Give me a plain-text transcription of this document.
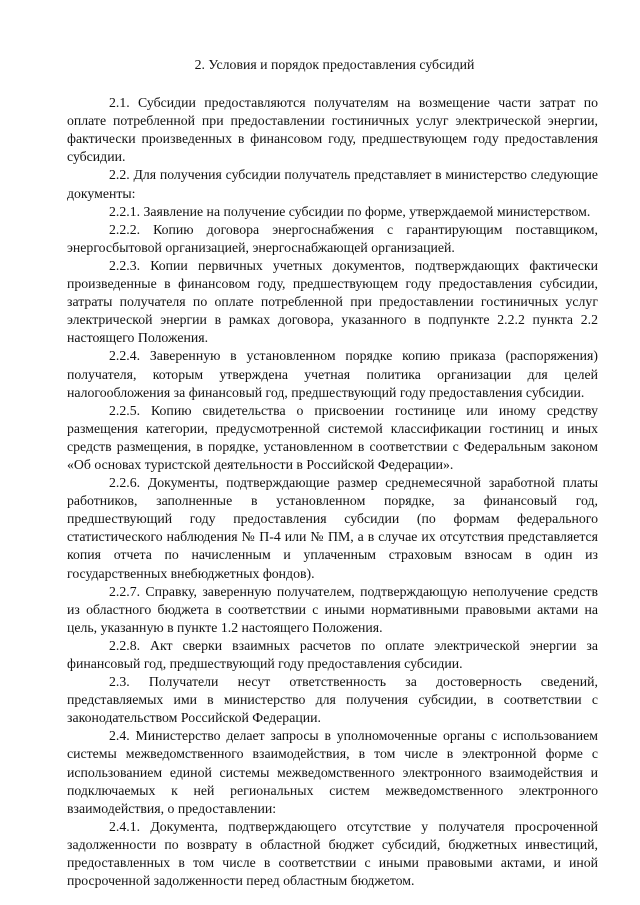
2. Условия и порядок предоставления субсидий

2.1. Субсидии предоставляются получателям на возмещение части затрат по оплате потребленной при предоставлении гостиничных услуг электрической энергии, фактически произведенных в финансовом году, предшествующем году предоставления субсидии.

2.2. Для получения субсидии получатель представляет в министерство следующие документы:

2.2.1. Заявление на получение субсидии по форме, утверждаемой министерством.

2.2.2. Копию договора энергоснабжения с гарантирующим поставщиком, энергосбытовой организацией, энергоснабжающей организацией.

2.2.3. Копии первичных учетных документов, подтверждающих фактически произведенные в финансовом году, предшествующем году предоставления субсидии, затраты получателя по оплате потребленной при предоставлении гостиничных услуг электрической энергии в рамках договора, указанного в подпункте 2.2.2 пункта 2.2 настоящего Положения.

2.2.4. Заверенную в установленном порядке копию приказа (распоряжения) получателя, которым утверждена учетная политика организации для целей налогообложения за финансовый год, предшествующий году предоставления субсидии.

2.2.5. Копию свидетельства о присвоении гостинице или иному средству размещения категории, предусмотренной системой классификации гостиниц и иных средств размещения, в порядке, установленном в соответствии с Федеральным законом «Об основах туристской деятельности в Российской Федерации».

2.2.6. Документы, подтверждающие размер среднемесячной заработной платы работников, заполненные в установленном порядке, за финансовый год, предшествующий году предоставления субсидии (по формам федерального статистического наблюдения № П-4 или № ПМ, а в случае их отсутствия представляется копия отчета по начисленным и уплаченным страховым взносам в один из государственных внебюджетных фондов).

2.2.7. Справку, заверенную получателем, подтверждающую неполучение средств из областного бюджета в соответствии с иными нормативными правовыми актами на цель, указанную в пункте 1.2 настоящего Положения.

2.2.8. Акт сверки взаимных расчетов по оплате электрической энергии за финансовый год, предшествующий году предоставления субсидии.

2.3. Получатели несут ответственность за достоверность сведений, представляемых ими в министерство для получения субсидии, в соответствии с законодательством Российской Федерации.

2.4. Министерство делает запросы в уполномоченные органы с использованием системы межведомственного взаимодействия, в том числе в электронной форме с использованием единой системы межведомственного электронного взаимодействия и подключаемых к ней региональных систем межведомственного электронного взаимодействия, о предоставлении:

2.4.1. Документа, подтверждающего отсутствие у получателя просроченной задолженности по возврату в областной бюджет субсидий, бюджетных инвестиций, предоставленных в том числе в соответствии с иными правовыми актами, и иной просроченной задолженности перед областным бюджетом.
